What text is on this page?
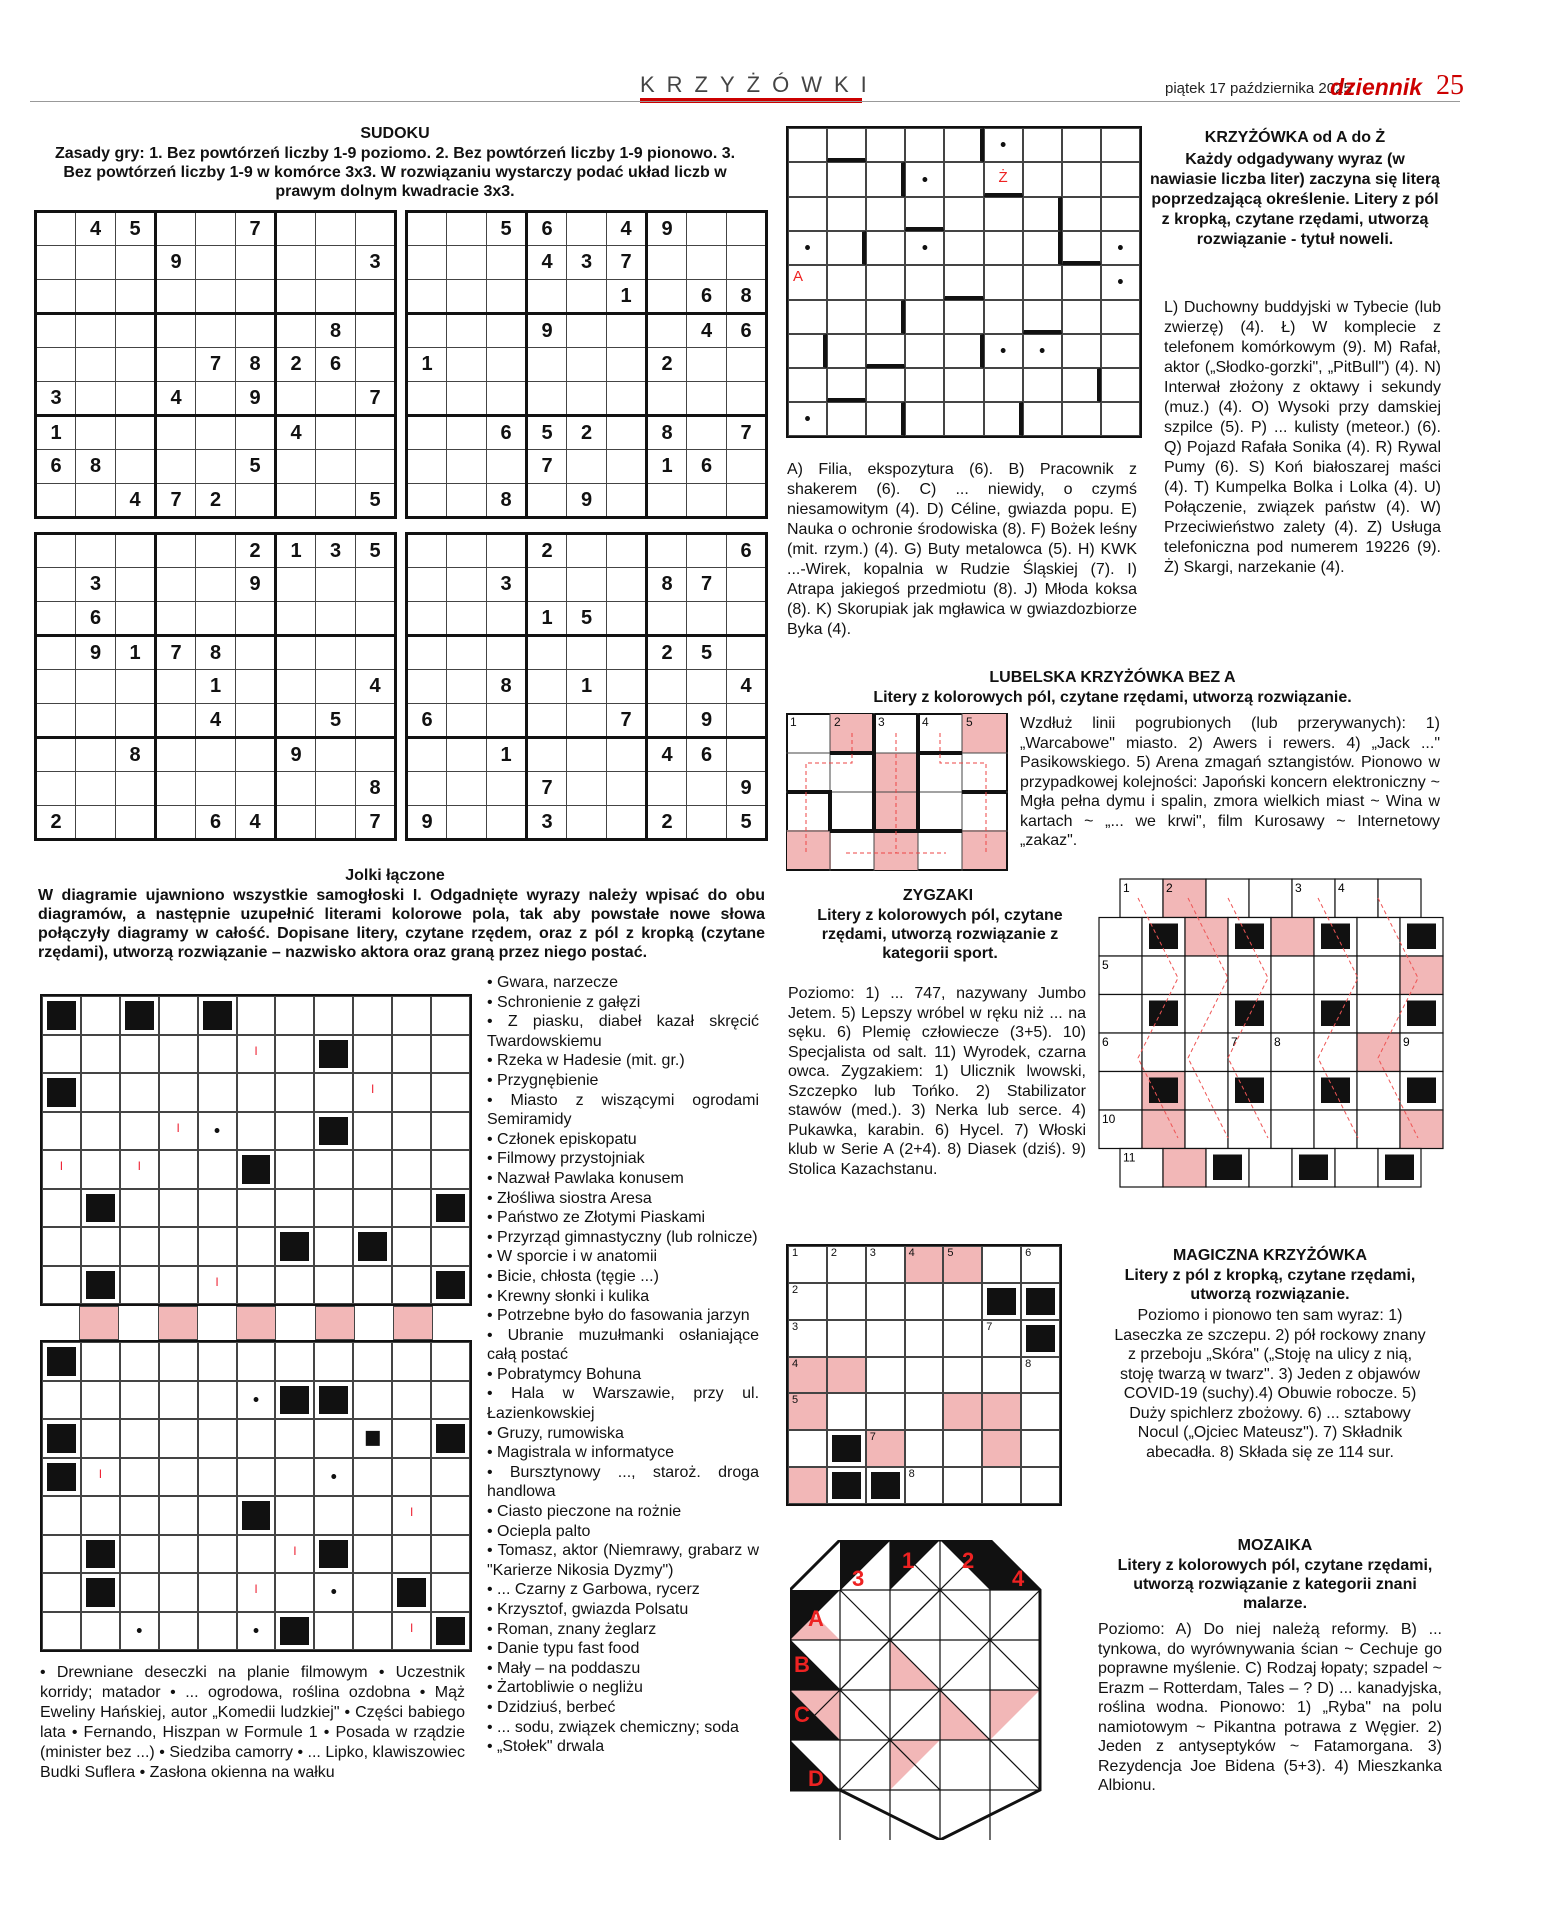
KRZYŻÓWKI	piątek 17 października 2025
dziennik 25
SUDOKU
Zasady gry: 1. Bez powtórzeń liczby 1-9 poziomo. 2. Bez powtórzeń liczby 1-9 pionowo. 3. Bez powtórzeń liczby 1-9 w komórce 3x3. W rozwiązaniu wystarczy podać układ liczb w prawym dolnym kwadracie 3x3.
	4	5			7			
			9					3

							8	
				7	8	2	6	
3			4		9			7
1						4		
6	8				5			
		4	7	2				5
		5	6		4	9		
			4	3	7			
					1		6	8
			9				4	6
1						2		

		6	5	2		8		7
			7			1	6	
		8		9				
					2	1	3	5
	3				9			
	6							
	9	1	7	8				
				1				4
				4			5	
		8				9		
								8
2				6	4			7
			2					6
		3				8	7	
			1	5				
						2	5	
		8		1				4
6					7		9	
		1				4	6	
			7					9
9			3			2		5
Jolki łączone
W diagramie ujawniono wszystkie samogłoski I. Odgadnięte wyrazy należy wpisać do obu diagramów, a następnie uzupełnić literami kolorowe pola, tak aby powstałe nowe słowa połączyły diagramy w całość. Dopisane litery, czytane rzędem, oraz z pól z kropką (czytane rzędami), utworzą rozwiązanie – nazwisko aktora oraz graną przez niego postać.
I
I
I
•
I	I
I
•
•
I
•
I
I
I
•
•
•
I
• Gwara, narzecze
• Schronienie z gałęzi
• Z piasku, diabeł kazał skręcić Twardowskiemu
• Rzeka w Hadesie (mit. gr.)
• Przygnębienie
• Miasto z wiszącymi ogrodami Semiramidy
• Członek episkopatu
• Filmowy przystojniak
• Nazwał Pawlaka konusem
• Złośliwa siostra Aresa
• Państwo ze Złotymi Piaskami
• Przyrząd gimnastyczny (lub rolnicze)
• W sporcie i w anatomii
• Bicie, chłosta (tęgie ...)
• Krewny słonki i kulika
• Potrzebne było do fasowania jarzyn
• Ubranie muzułmanki osłaniające całą postać
• Pobratymcy Bohuna
• Hala w Warszawie, przy ul. Łazienkowskiej
• Gruzy, rumowiska
• Magistrala w informatyce
• Bursztynowy ..., staroż. droga handlowa
• Ciasto pieczone na rożnie
• Ociepla palto
• Tomasz, aktor (Niemrawy, grabarz w "Karierze Nikosia Dyzmy")
• ... Czarny z Garbowa, rycerz
• Krzysztof, gwiazda Polsatu
• Roman, znany żeglarz
• Danie typu fast food
• Mały – na poddaszu
• Żartobliwie o negliżu
• Dzidziuś, berbeć
• ... sodu, związek chemiczny; soda
• „Stołek" drwala
• Drewniane deseczki na planie filmowym • Uczestnik korridy; matador • ... ogrodowa, roślina ozdobna • Mąż Eweliny Hańskiej, autor „Komedii ludzkiej" • Części babiego lata • Fernando, Hiszpan w Formule 1 • Posada w rządzie (minister bez ...) • Siedziba camorry • ... Lipko, klawiszowiec Budki Suflera • Zasłona okienna na wałku
•
•
Ż
•
•
•
A
•
•
•
•
KRZYŻÓWKA od A do Ż
Każdy odgadywany wyraz (w nawiasie liczba liter) zaczyna się literą poprzedzającą określenie. Litery z pól z kropką, czytane rzędami, utworzą rozwiązanie - tytuł noweli.
L) Duchowny buddyjski w Tybecie (lub zwierzę) (4). Ł) W komplecie z telefonem komórkowym (9). M) Rafał, aktor („Słodko-gorzki", „PitBull") (4). N) Interwał złożony z oktawy i sekundy (muz.) (4). O) Wysoki przy damskiej szpilce (5). P) ... kulisty (meteor.) (6). Q) Pojazd Rafała Sonika (4). R) Rywal Pumy (6). S) Koń białoszarej maści (4). T) Kumpelka Bolka i Lolka (4). U) Połączenie, związek państw (4). W) Przeciwieństwo zalety (4). Z) Usługa telefoniczna pod numerem 19226 (9). Ż) Skargi, narzekanie (4).
A) Filia, ekspozytura (6). B) Pracownik z shakerem (6). C) ... niewidy, o czymś niesamowitym (4). D) Céline, gwiazda popu. E) Nauka o ochronie środowiska (8). F) Bożek leśny (mit. rzym.) (4). G) Buty metalowca (5). H) KWK ...-Wirek, kopalnia w Rudzie Śląskiej (7). I) Atrapa jakiegoś przedmiotu (8). J) Młoda koksa (8). K) Skorupiak jak mgławica w gwiazdozbiorze Byka (4).
LUBELSKA KRZYŻÓWKA BEZ A
Litery z kolorowych pól, czytane rzędami, utworzą rozwiązanie.
1	2	3	4	5	Wzdłuż linii pogrubionych (lub przerywanych): 1) „Warcabowe" miasto. 2) Awers i rewers. 4) „Jack ..." Pasikowskiego. 5) Arena zmagań sztangistów. Pionowo w przypadkowej kolejności: Japoński koncern elektroniczny ~ Mgła pełna dymu i spalin, zmora wielkich miast ~ Wina w kartach ~ „... we krwi", film Kurosawy ~ Internetowy „zakaz".
ZYGZAKI
Litery z kolorowych pól, czytane rzędami, utworzą rozwiązanie z kategorii sport.
Poziomo: 1) ... 747, nazywany Jumbo Jetem. 5) Lepszy wróbel w ręku niż ... na sęku. 6) Plemię człowiecze (3+5). 10) Specjalista od salt. 11) Wyrodek, czarna owca. Zygzakiem: 1) Ulicznik lwowski, Szczepko lub Tońko. 2) Stabilizator stawów (med.). 3) Nerka lub serce. 4) Pukawka, karabin. 6) Hycel. 7) Włoski klub w Serie A (2+4). 8) Diasek (dziś). 9) Stolica Kazachstanu.
1	2	3	4
5
6	7	8	9
10
11
1	2	3	4	5	6
2
3	7
4	8
5
7
8
MAGICZNA KRZYŻÓWKA
Litery z pól z kropką, czytane rzędami, utworzą rozwiązanie.
Poziomo i pionowo ten sam wyraz: 1) Laseczka ze szczepu. 2) pół rockowy znany z przeboju „Skóra" („Stoję na ulicy z nią, stoję twarzą w twarz". 3) Jeden z objawów COVID-19 (suchy).4) Obuwie robocze. 5) Duży spichlerz zbożowy. 6) ... sztabowy Nocul („Ojciec Mateusz"). 7) Składnik abecadła. 8) Składa się ze 114 sur.
MOZAIKA
Litery z kolorowych pól, czytane rzędami, utworzą rozwiązanie z kategorii znani malarze.
Poziomo: A) Do niej należą reformy. B) ... tynkowa, do wyrównywania ścian ~ Cechuje go poprawne myślenie. C) Rodzaj łopaty; szpadel ~ Erazm – Rotterdam, Tales – ? D) ... kanadyjska, roślina wodna. Pionowo: 1) „Ryba" na polu namiotowym ~ Pikantna potrawa z Węgier. 2) Jeden z antyseptyków ~ Fatamorgana. 3) Rezydencja Joe Bidena (5+3). 4) Mieszkanka Albionu.
3
1 2
4
A
B
C
D
